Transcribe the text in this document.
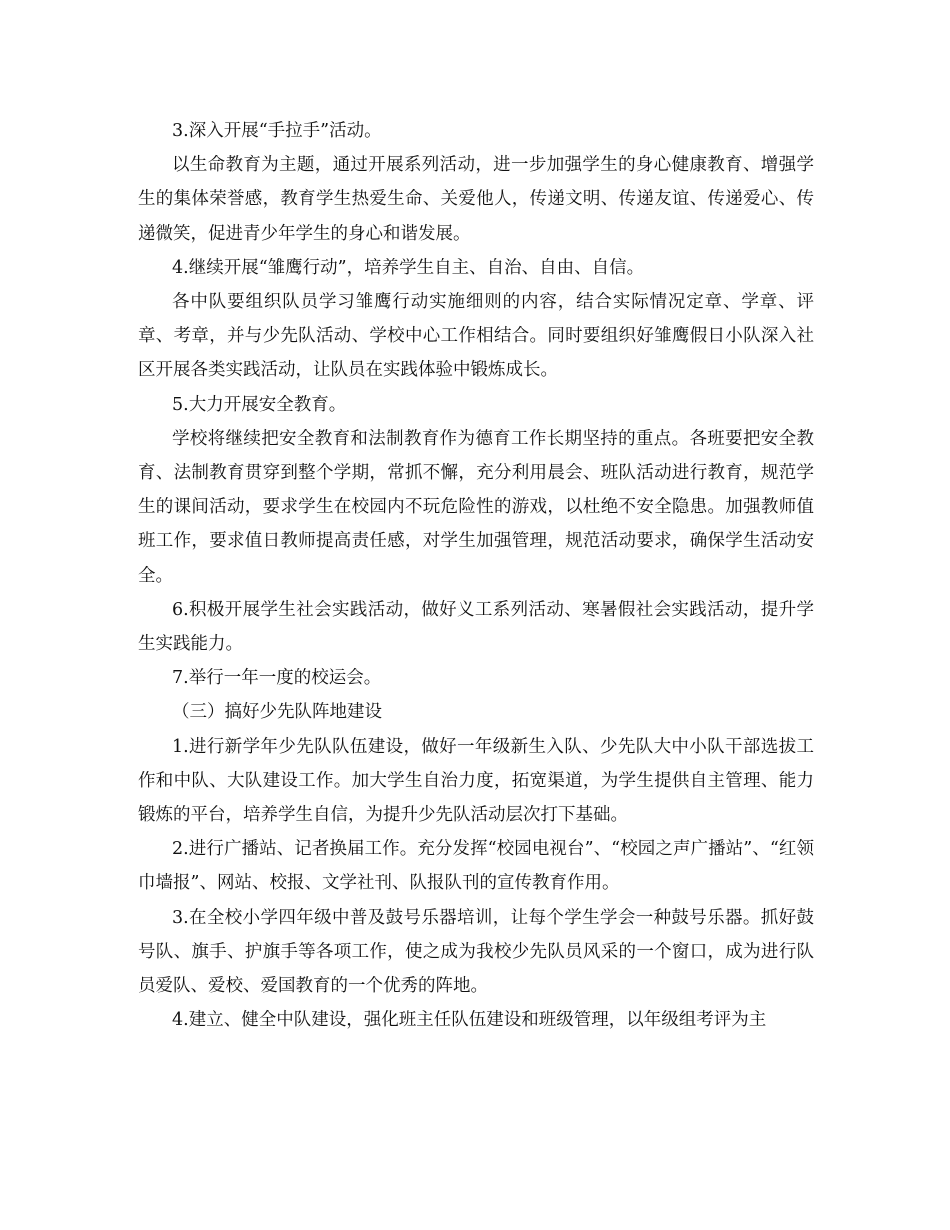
3.深入开展“手拉手”活动。

以生命教育为主题，通过开展系列活动，进一步加强学生的身心健康教育、增强学生的集体荣誉感，教育学生热爱生命、关爱他人，传递文明、传递友谊、传递爱心、传递微笑，促进青少年学生的身心和谐发展。

4.继续开展“雏鹰行动”，培养学生自主、自治、自由、自信。

各中队要组织队员学习雏鹰行动实施细则的内容，结合实际情况定章、学章、评章、考章，并与少先队活动、学校中心工作相结合。同时要组织好雏鹰假日小队深入社区开展各类实践活动，让队员在实践体验中锻炼成长。

5.大力开展安全教育。

学校将继续把安全教育和法制教育作为德育工作长期坚持的重点。各班要把安全教育、法制教育贯穿到整个学期，常抓不懈，充分利用晨会、班队活动进行教育，规范学生的课间活动，要求学生在校园内不玩危险性的游戏，以杜绝不安全隐患。加强教师值班工作，要求值日教师提高责任感，对学生加强管理，规范活动要求，确保学生活动安全。

6.积极开展学生社会实践活动，做好义工系列活动、寒暑假社会实践活动，提升学生实践能力。

7.举行一年一度的校运会。

（三）搞好少先队阵地建设

1.进行新学年少先队队伍建设，做好一年级新生入队、少先队大中小队干部选拔工作和中队、大队建设工作。加大学生自治力度，拓宽渠道，为学生提供自主管理、能力锻炼的平台，培养学生自信，为提升少先队活动层次打下基础。

2.进行广播站、记者换届工作。充分发挥“校园电视台”、“校园之声广播站”、“红领巾墙报”、网站、校报、文学社刊、队报队刊的宣传教育作用。

3.在全校小学四年级中普及鼓号乐器培训，让每个学生学会一种鼓号乐器。抓好鼓号队、旗手、护旗手等各项工作，使之成为我校少先队员风采的一个窗口，成为进行队员爱队、爱校、爱国教育的一个优秀的阵地。

4.建立、健全中队建设，强化班主任队伍建设和班级管理，以年级组考评为主
